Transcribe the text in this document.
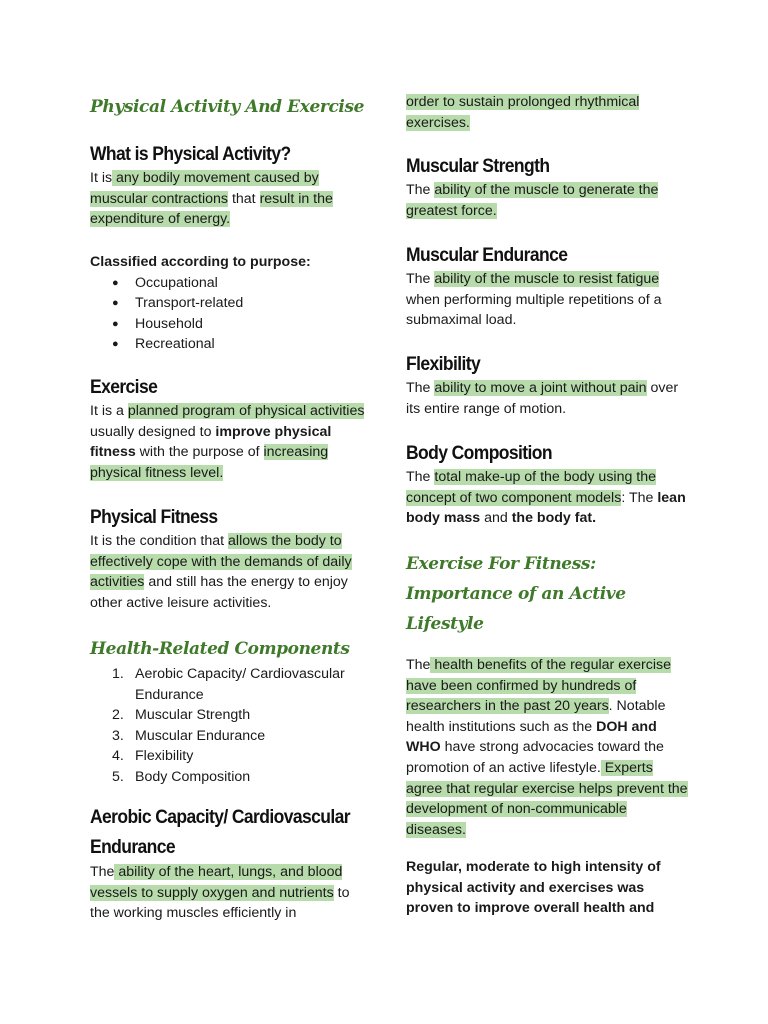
Physical Activity And Exercise
What is Physical Activity?

It is any bodily movement caused by muscular contractions that result in the expenditure of energy.

Classified according to purpose:

● Occupational
● Transport-related
● Household
● Recreational
Exercise

It is a planned program of physical activities usually designed to improve physical fitness with the purpose of increasing physical fitness level.

Physical Fitness

It is the condition that allows the body to effectively cope with the demands of daily activities and still has the energy to enjoy other active leisure activities.

Health-Related Components
1. Aerobic Capacity/ Cardiovascular Endurance
2. Muscular Strength
3. Muscular Endurance
4. Flexibility
5. Body Composition
Aerobic Capacity/ Cardiovascular Endurance

The ability of the heart, lungs, and blood vessels to supply oxygen and nutrients to the working muscles efficiently in

order to sustain prolonged rhythmical exercises.

Muscular Strength

The ability of the muscle to generate the greatest force.

Muscular Endurance

The ability of the muscle to resist fatigue when performing multiple repetitions of a submaximal load.

Flexibility

The ability to move a joint without pain over its entire range of motion.

Body Composition

The total make-up of the body using the concept of two component models: The lean body mass and the body fat.

Exercise For Fitness: Importance of an Active Lifestyle

The health benefits of the regular exercise have been confirmed by hundreds of researchers in the past 20 years. Notable health institutions such as the DOH and WHO have strong advocacies toward the promotion of an active lifestyle. Experts agree that regular exercise helps prevent the development of non-communicable diseases.

Regular, moderate to high intensity of physical activity and exercises was proven to improve overall health and
